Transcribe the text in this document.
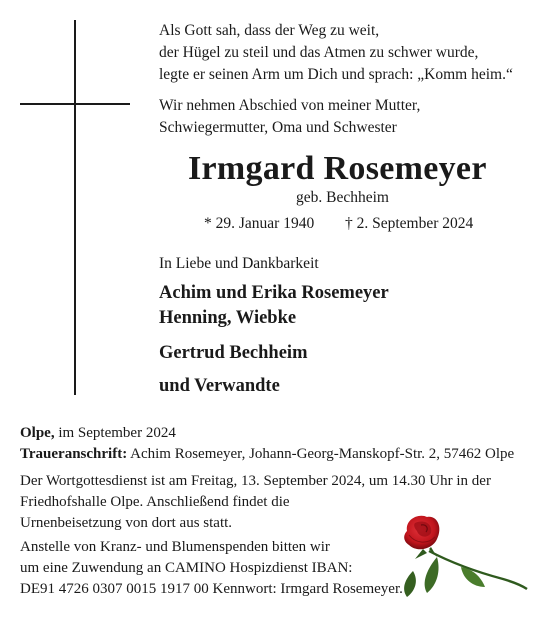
Als Gott sah, dass der Weg zu weit,
der Hügel zu steil und das Atmen zu schwer wurde,
legte er seinen Arm um Dich und sprach: „Komm heim.“
Wir nehmen Abschied von meiner Mutter,
Schwiegermutter, Oma und Schwester
Irmgard Rosemeyer
geb. Bechheim
* 29. Januar 1940 † 2. September 2024
In Liebe und Dankbarkeit
Achim und Erika Rosemeyer
Henning, Wiebke
Gertrud Bechheim
und Verwandte
Olpe, im September 2024
Traueranschrift: Achim Rosemeyer, Johann-Georg-Manskopf-Str. 2, 57462 Olpe
Der Wortgottesdienst ist am Freitag, 13. September 2024, um 14.30 Uhr in der
Friedhofshalle Olpe. Anschließend findet die
Urnenbeisetzung von dort aus statt.
Anstelle von Kranz- und Blumenspenden bitten wir
um eine Zuwendung an CAMINO Hospizdienst IBAN:
DE91 4726 0307 0015 1917 00 Kennwort: Irmgard Rosemeyer.
